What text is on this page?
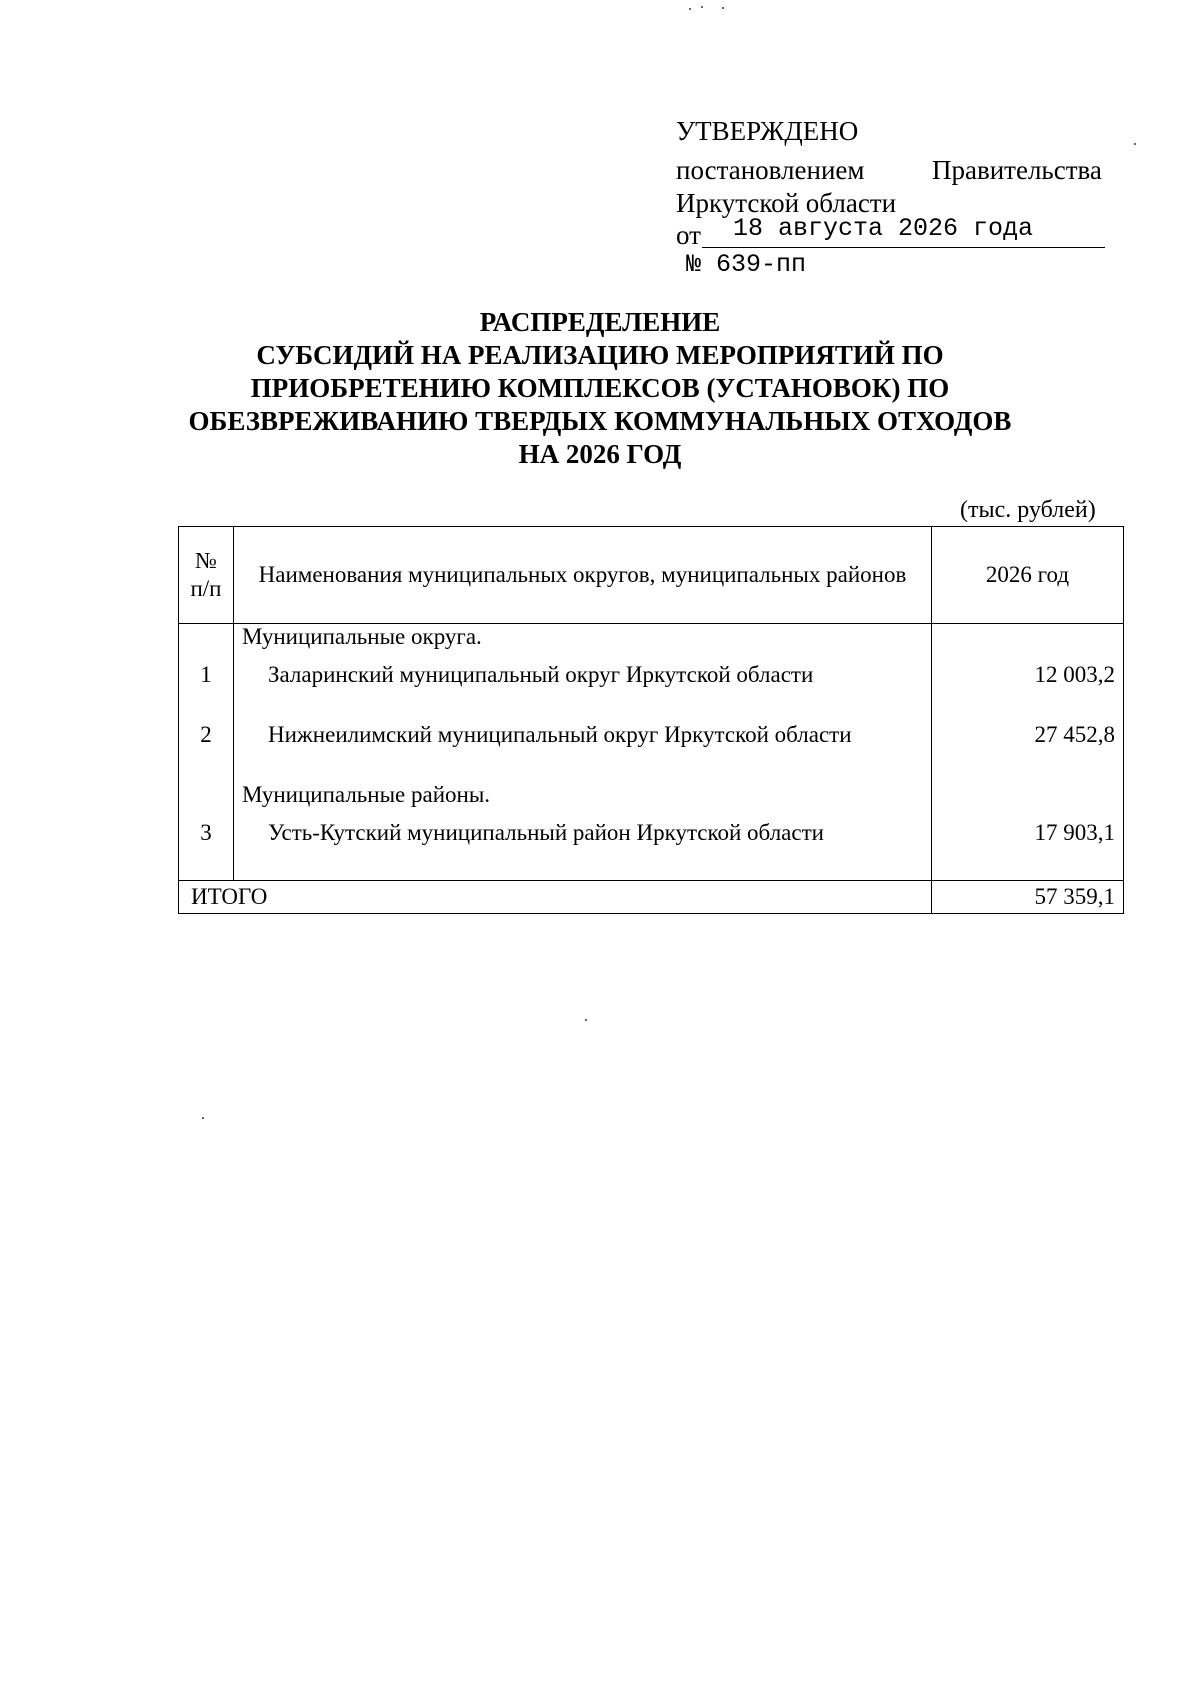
УТВЕРЖДЕНО
постановлением	Правительства
Иркутской области
от 18 августа 2026 года
№ 639-пп
РАСПРЕДЕЛЕНИЕ
СУБСИДИЙ НА РЕАЛИЗАЦИЮ МЕРОПРИЯТИЙ ПО
ПРИОБРЕТЕНИЮ КОМПЛЕКСОВ (УСТАНОВОК) ПО
ОБЕЗВРЕЖИВАНИЮ ТВЕРДЫХ КОММУНАЛЬНЫХ ОТХОДОВ
НА 2026 ГОД
(тыс. рублей)
№ п/п	Наименования муниципальных округов, муниципальных районов	2026 год
	Муниципальные округа.	
1	Заларинский муниципальный округ Иркутской области	12 003,2
2	Нижнеилимский муниципальный округ Иркутской области	27 452,8
	Муниципальные районы.	
3	Усть-Кутский муниципальный район Иркутской области	17 903,1
ИТОГО		57 359,1
